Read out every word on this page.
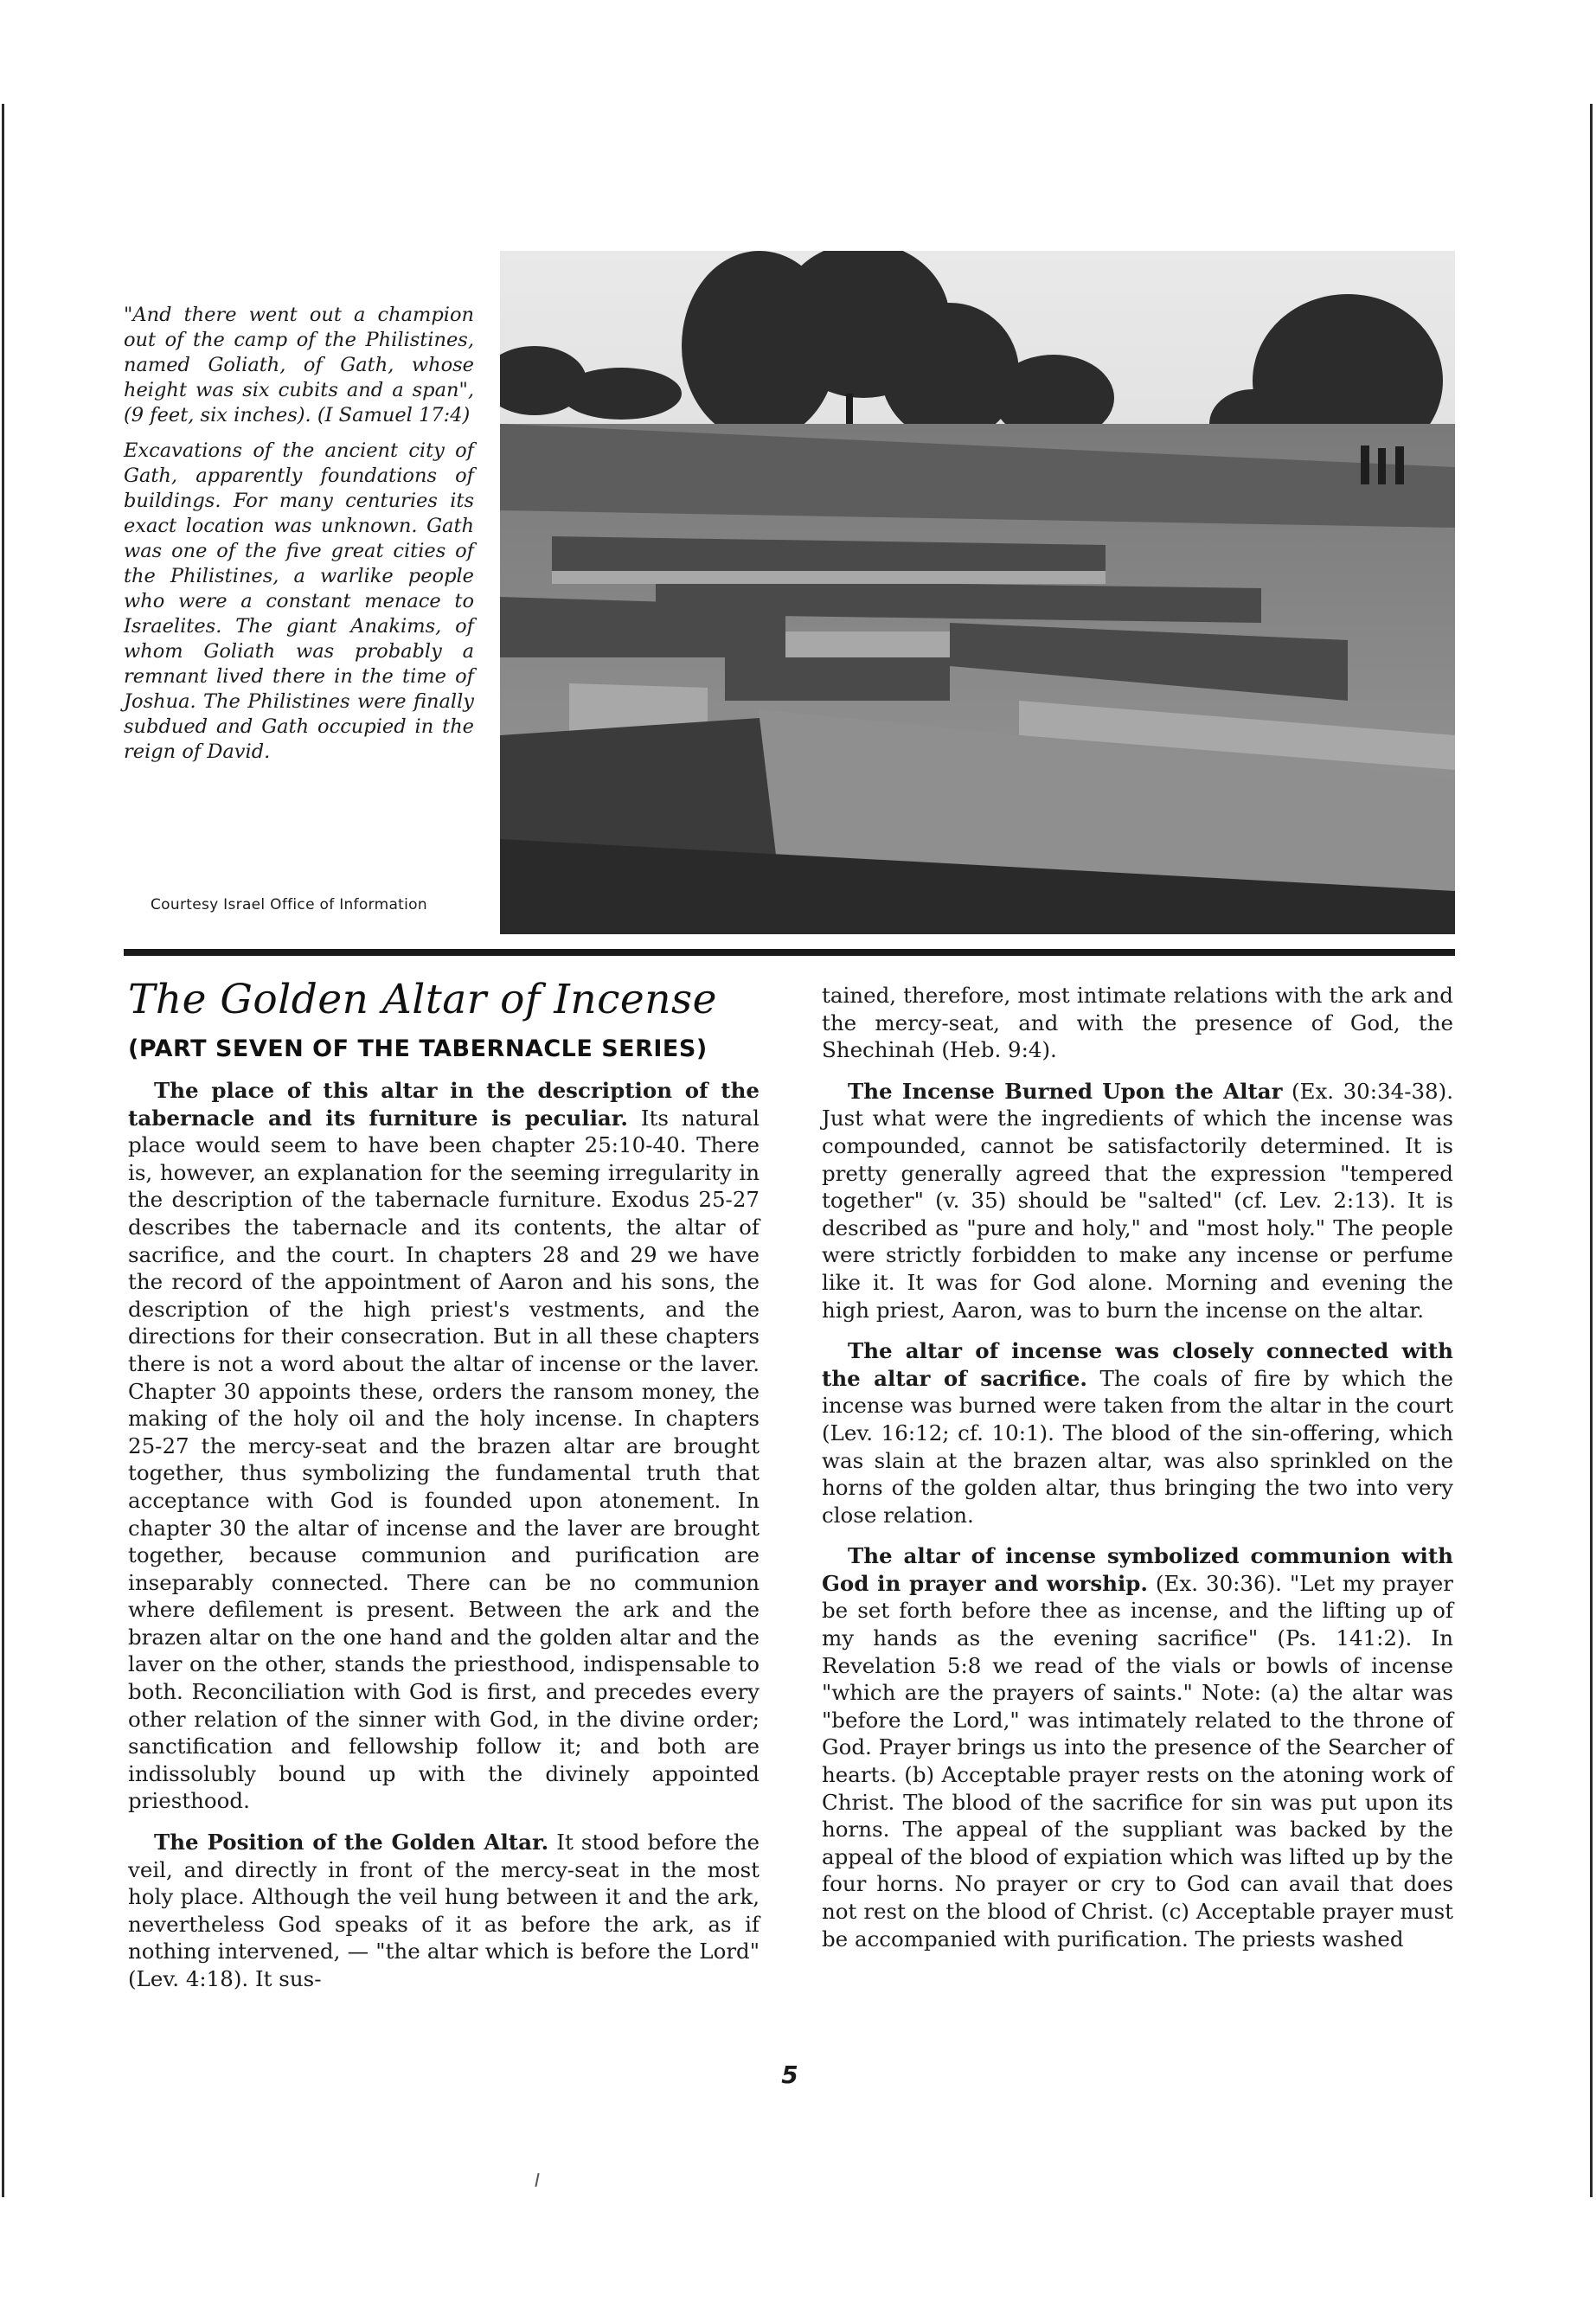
"And there went out a champion out of the camp of the Philistines, named Goliath, of Gath, whose height was six cubits and a span", (9 feet, six inches). (I Samuel 17:4)

Excavations of the ancient city of Gath, apparently foundations of buildings. For many centuries its exact location was unknown. Gath was one of the five great cities of the Philistines, a warlike people who were a constant menace to Israelites. The giant Anakims, of whom Goliath was probably a remnant lived there in the time of Joshua. The Philistines were finally subdued and Gath occupied in the reign of David.

Courtesy Israel Office of Information
The Golden Altar of Incense
(PART SEVEN OF THE TABERNACLE SERIES)

The place of this altar in the description of the tabernacle and its furniture is peculiar. Its natural place would seem to have been chapter 25:10-40. There is, however, an explanation for the seeming irregularity in the description of the tabernacle furniture. Exodus 25-27 describes the tabernacle and its contents, the altar of sacrifice, and the court. In chapters 28 and 29 we have the record of the appointment of Aaron and his sons, the description of the high priest's vestments, and the directions for their consecration. But in all these chapters there is not a word about the altar of incense or the laver. Chapter 30 appoints these, orders the ransom money, the making of the holy oil and the holy incense. In chapters 25-27 the mercy-seat and the brazen altar are brought together, thus symbolizing the fundamental truth that acceptance with God is founded upon atonement. In chapter 30 the altar of incense and the laver are brought together, because communion and purification are inseparably connected. There can be no communion where defilement is present. Between the ark and the brazen altar on the one hand and the golden altar and the laver on the other, stands the priesthood, indispensable to both. Reconciliation with God is first, and precedes every other relation of the sinner with God, in the divine order; sanctification and fellowship follow it; and both are indissolubly bound up with the divinely appointed priesthood.

The Position of the Golden Altar. It stood before the veil, and directly in front of the mercy-seat in the most holy place. Although the veil hung between it and the ark, nevertheless God speaks of it as before the ark, as if nothing intervened, — "the altar which is before the Lord" (Lev. 4:18). It sus-

tained, therefore, most intimate relations with the ark and the mercy-seat, and with the presence of God, the Shechinah (Heb. 9:4).

The Incense Burned Upon the Altar (Ex. 30:34-38). Just what were the ingredients of which the incense was compounded, cannot be satisfactorily determined. It is pretty generally agreed that the expression "tempered together" (v. 35) should be "salted" (cf. Lev. 2:13). It is described as "pure and holy," and "most holy." The people were strictly forbidden to make any incense or perfume like it. It was for God alone. Morning and evening the high priest, Aaron, was to burn the incense on the altar.

The altar of incense was closely connected with the altar of sacrifice. The coals of fire by which the incense was burned were taken from the altar in the court (Lev. 16:12; cf. 10:1). The blood of the sin-offering, which was slain at the brazen altar, was also sprinkled on the horns of the golden altar, thus bringing the two into very close relation.

The altar of incense symbolized communion with God in prayer and worship. (Ex. 30:36). "Let my prayer be set forth before thee as incense, and the lifting up of my hands as the evening sacrifice" (Ps. 141:2). In Revelation 5:8 we read of the vials or bowls of incense "which are the prayers of saints." Note: (a) the altar was "before the Lord," was intimately related to the throne of God. Prayer brings us into the presence of the Searcher of hearts. (b) Acceptable prayer rests on the atoning work of Christ. The blood of the sacrifice for sin was put upon its horns. The appeal of the suppliant was backed by the appeal of the blood of expiation which was lifted up by the four horns. No prayer or cry to God can avail that does not rest on the blood of Christ. (c) Acceptable prayer must be accompanied with purification. The priests washed

5
